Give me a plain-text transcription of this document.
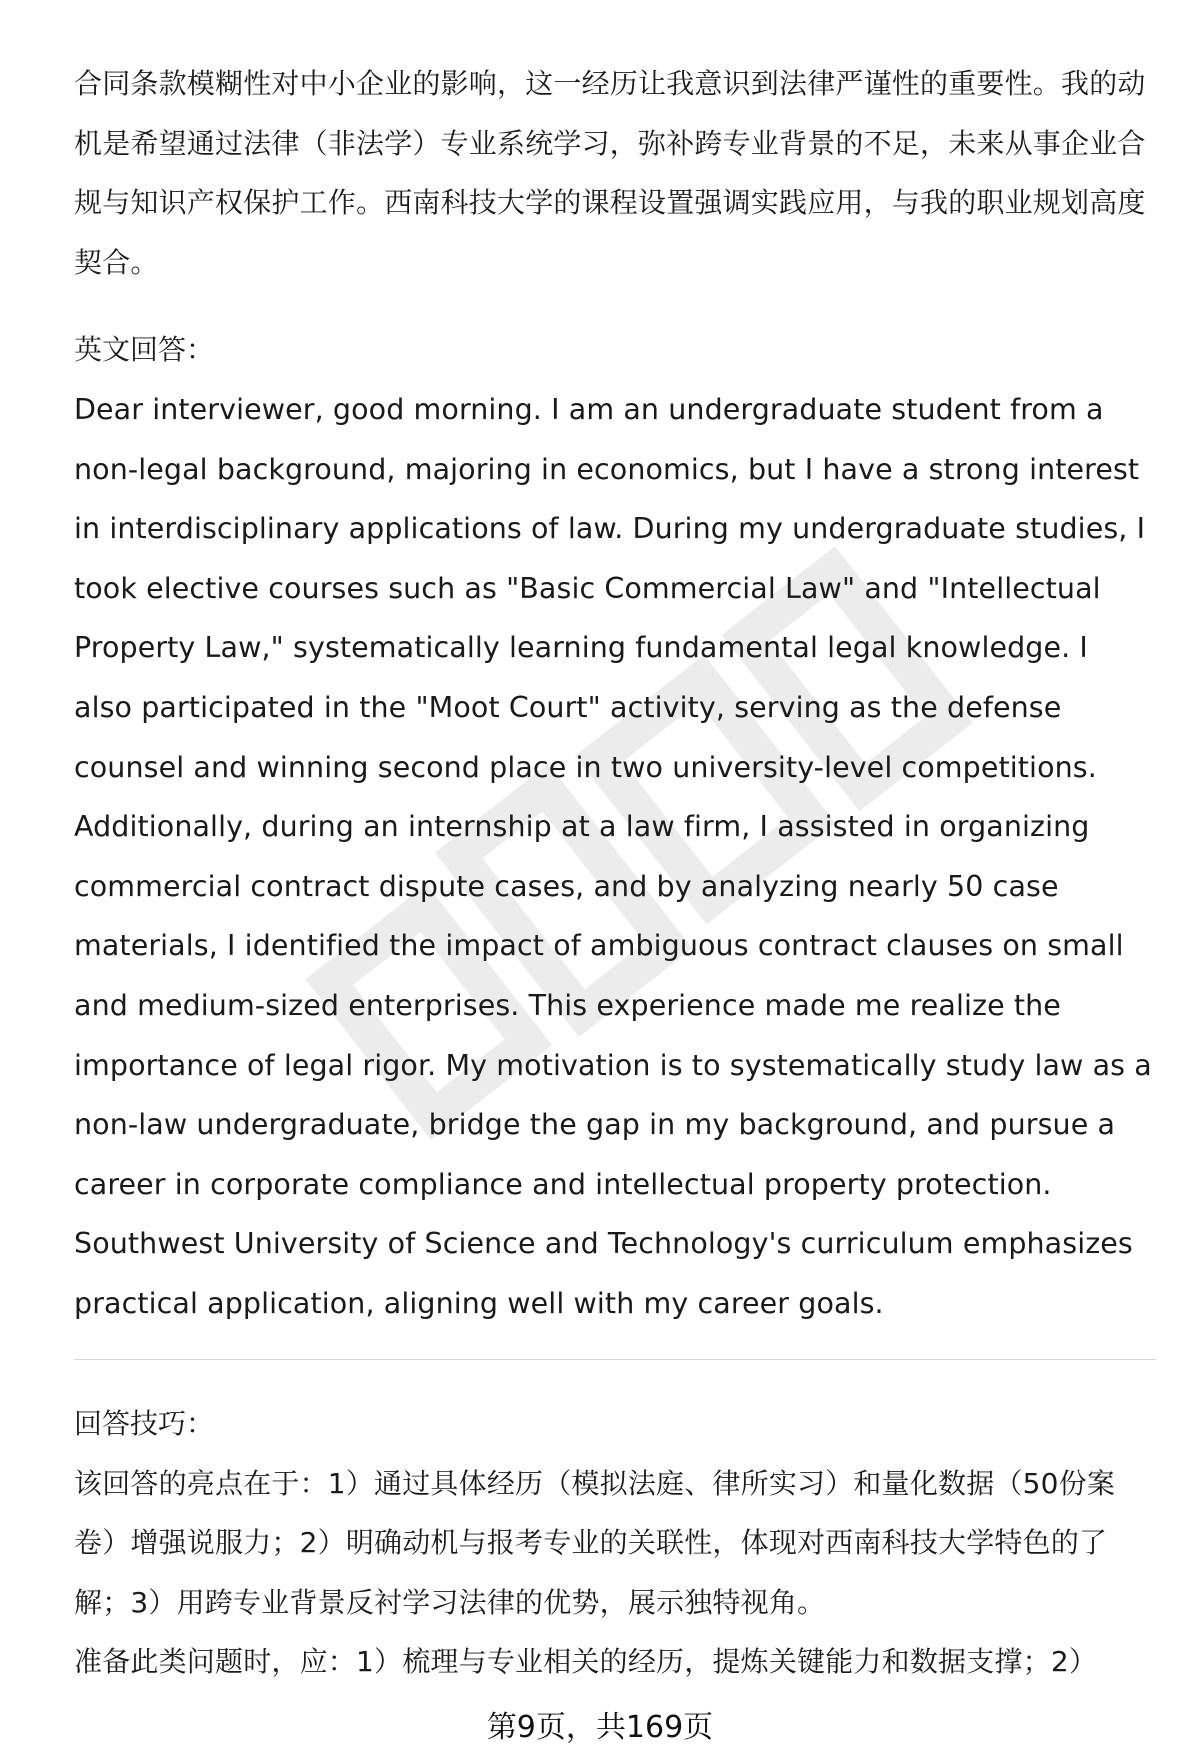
合同条款模糊性对中小企业的影响，这一经历让我意识到法律严谨性的重要性。我的动机是希望通过法律（非法学）专业系统学习，弥补跨专业背景的不足，未来从事企业合规与知识产权保护工作。西南科技大学的课程设置强调实践应用，与我的职业规划高度契合。

英文回答：

Dear interviewer, good morning. I am an undergraduate student from a non-legal background, majoring in economics, but I have a strong interest in interdisciplinary applications of law. During my undergraduate studies, I took elective courses such as "Basic Commercial Law" and "Intellectual Property Law," systematically learning fundamental legal knowledge. I also participated in the "Moot Court" activity, serving as the defense counsel and winning second place in two university-level competitions. Additionally, during an internship at a law firm, I assisted in organizing commercial contract dispute cases, and by analyzing nearly 50 case materials, I identified the impact of ambiguous contract clauses on small and medium-sized enterprises. This experience made me realize the importance of legal rigor. My motivation is to systematically study law as a non-law undergraduate, bridge the gap in my background, and pursue a career in corporate compliance and intellectual property protection. Southwest University of Science and Technology's curriculum emphasizes practical application, aligning well with my career goals.

回答技巧：

该回答的亮点在于：1）通过具体经历（模拟法庭、律所实习）和量化数据（50份案卷）增强说服力；2）明确动机与报考专业的关联性，体现对西南科技大学特色的了解；3）用跨专业背景反衬学习法律的优势，展示独特视角。

准备此类问题时，应：1）梳理与专业相关的经历，提炼关键能力和数据支撑；2）

第9页，共169页
